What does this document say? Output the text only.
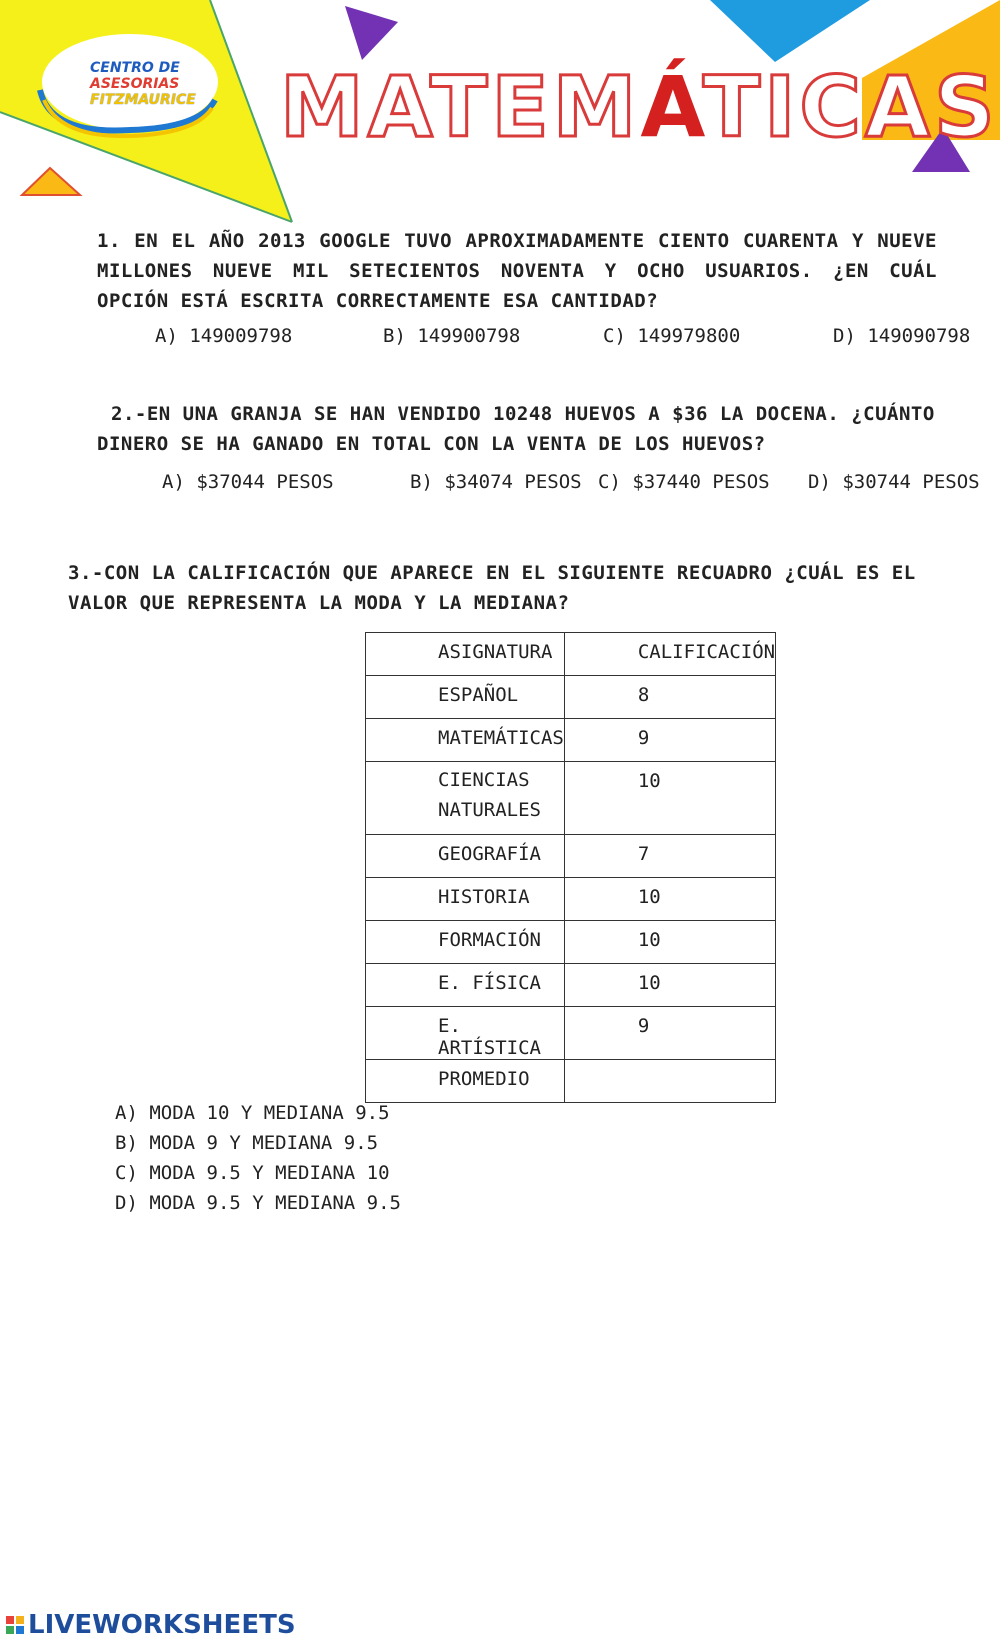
CENTRO DE
ASESORIAS
FITZMAURICE MATEMÁTICAS
1. EN EL AÑO 2013 GOOGLE TUVO APROXIMADAMENTE CIENTO CUARENTA Y NUEVE MILLONES NUEVE MIL SETECIENTOS NOVENTA Y OCHO USUARIOS. ¿EN CUÁL OPCIÓN ESTÁ ESCRITA CORRECTAMENTE ESA CANTIDAD?
A) 149009798	B) 149900798	C) 149979800	D) 149090798
2.-EN UNA GRANJA SE HAN VENDIDO 10248 HUEVOS A $36 LA DOCENA. ¿CUÁNTO DINERO SE HA GANADO EN TOTAL CON LA VENTA DE LOS HUEVOS?
A) $37044 PESOS	B) $34074 PESOS C) $37440 PESOS D) $30744 PESOS
3.-CON LA CALIFICACIÓN QUE APARECE EN EL SIGUIENTE RECUADRO ¿CUÁL ES EL VALOR QUE REPRESENTA LA MODA Y LA MEDIANA?
ASIGNATURA	CALIFICACIÓN
ESPAÑOL	8
MATEMÁTICAS	9
CIENCIAS NATURALES	10
GEOGRAFÍA	7
HISTORIA	10
FORMACIÓN	10
E. FÍSICA	10
E. ARTÍSTICA	9
PROMEDIO	
A) MODA 10 Y MEDIANA 9.5
B) MODA 9 Y MEDIANA 9.5
C) MODA 9.5 Y MEDIANA 10
D) MODA 9.5 Y MEDIANA 9.5
LIVEWORKSHEETS
